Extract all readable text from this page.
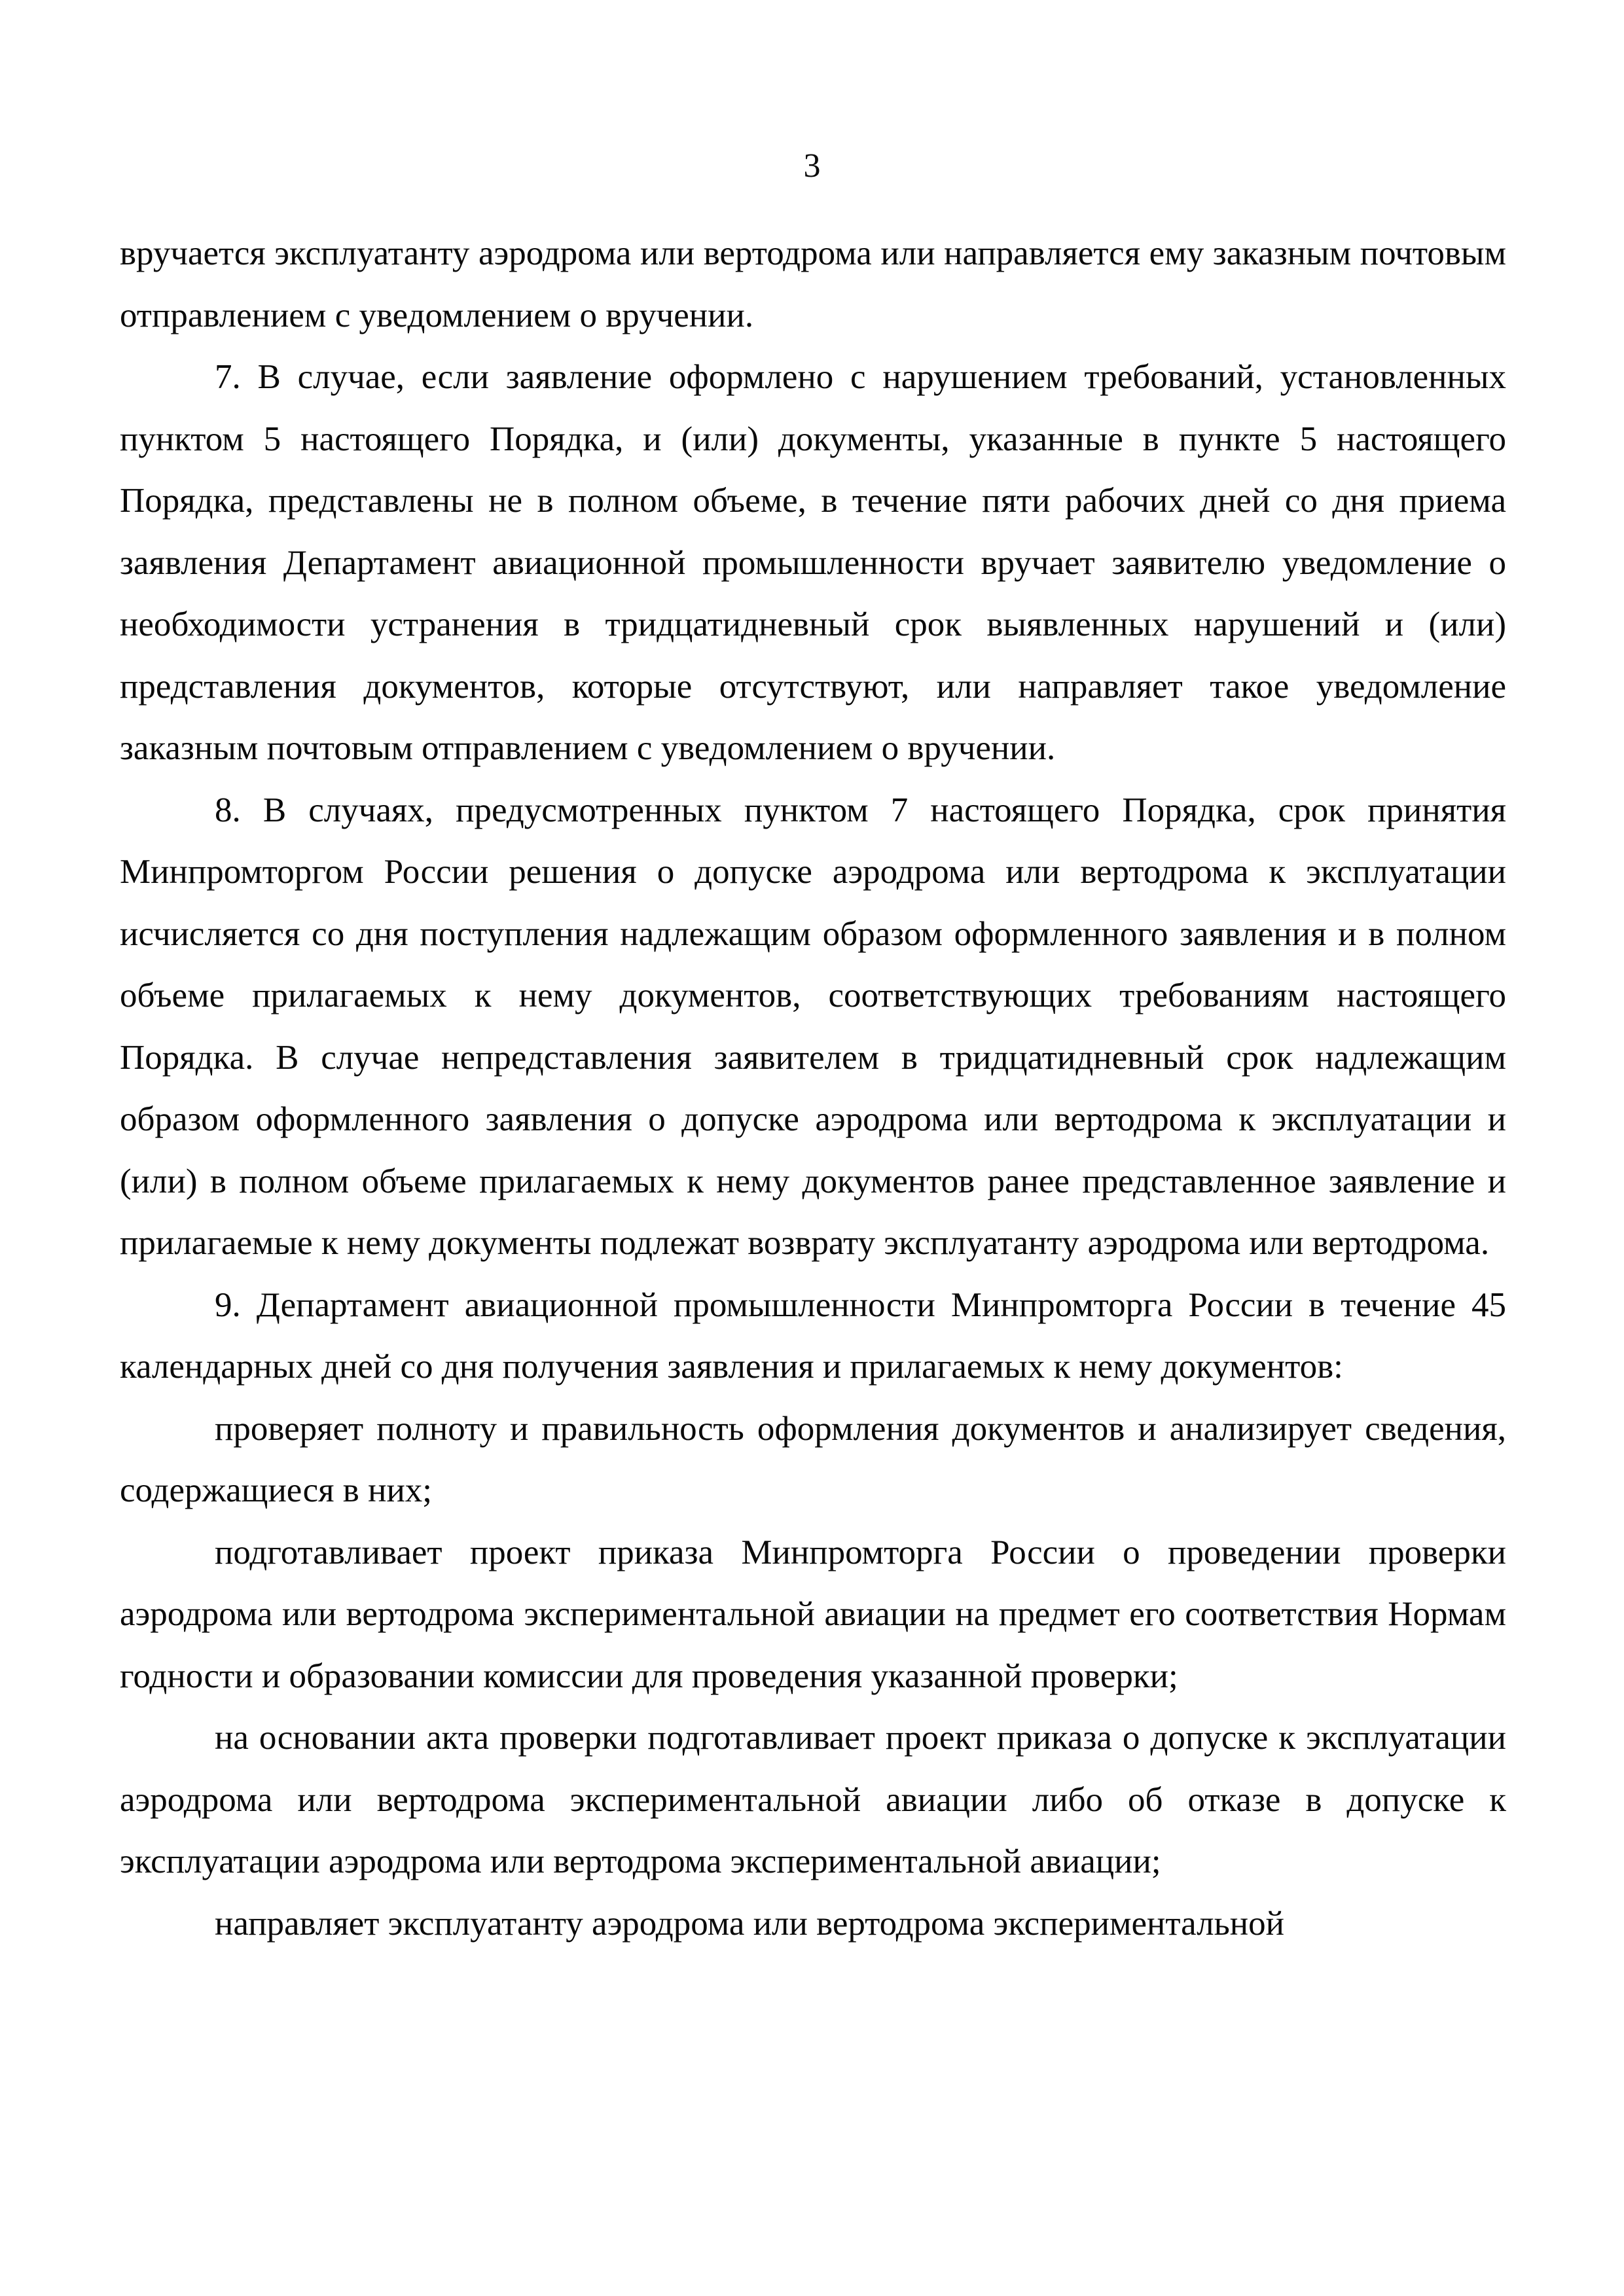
3

вручается эксплуатанту аэродрома или вертодрома или направляется ему заказным почтовым отправлением с уведомлением о вручении.

7. В случае, если заявление оформлено с нарушением требований, установленных пунктом 5 настоящего Порядка, и (или) документы, указанные в пункте 5 настоящего Порядка, представлены не в полном объеме, в течение пяти рабочих дней со дня приема заявления Департамент авиационной промышленности вручает заявителю уведомление о необходимости устранения в тридцатидневный срок выявленных нарушений и (или) представления документов, которые отсутствуют, или направляет такое уведомление заказным почтовым отправлением с уведомлением о вручении.

8. В случаях, предусмотренных пунктом 7 настоящего Порядка, срок принятия Минпромторгом России решения о допуске аэродрома или вертодрома к эксплуатации исчисляется со дня поступления надлежащим образом оформленного заявления и в полном объеме прилагаемых к нему документов, соответствующих требованиям настоящего Порядка. В случае непредставления заявителем в тридцатидневный срок надлежащим образом оформленного заявления о допуске аэродрома или вертодрома к эксплуатации и (или) в полном объеме прилагаемых к нему документов ранее представленное заявление и прилагаемые к нему документы подлежат возврату эксплуатанту аэродрома или вертодрома.

9. Департамент авиационной промышленности Минпромторга России в течение 45 календарных дней со дня получения заявления и прилагаемых к нему документов:

проверяет полноту и правильность оформления документов и анализирует сведения, содержащиеся в них;

подготавливает проект приказа Минпромторга России о проведении проверки аэродрома или вертодрома экспериментальной авиации на предмет его соответствия Нормам годности и образовании комиссии для проведения указанной проверки;

на основании акта проверки подготавливает проект приказа о допуске к эксплуатации аэродрома или вертодрома экспериментальной авиации либо об отказе в допуске к эксплуатации аэродрома или вертодрома экспериментальной авиации;

направляет эксплуатанту аэродрома или вертодрома экспериментальной
